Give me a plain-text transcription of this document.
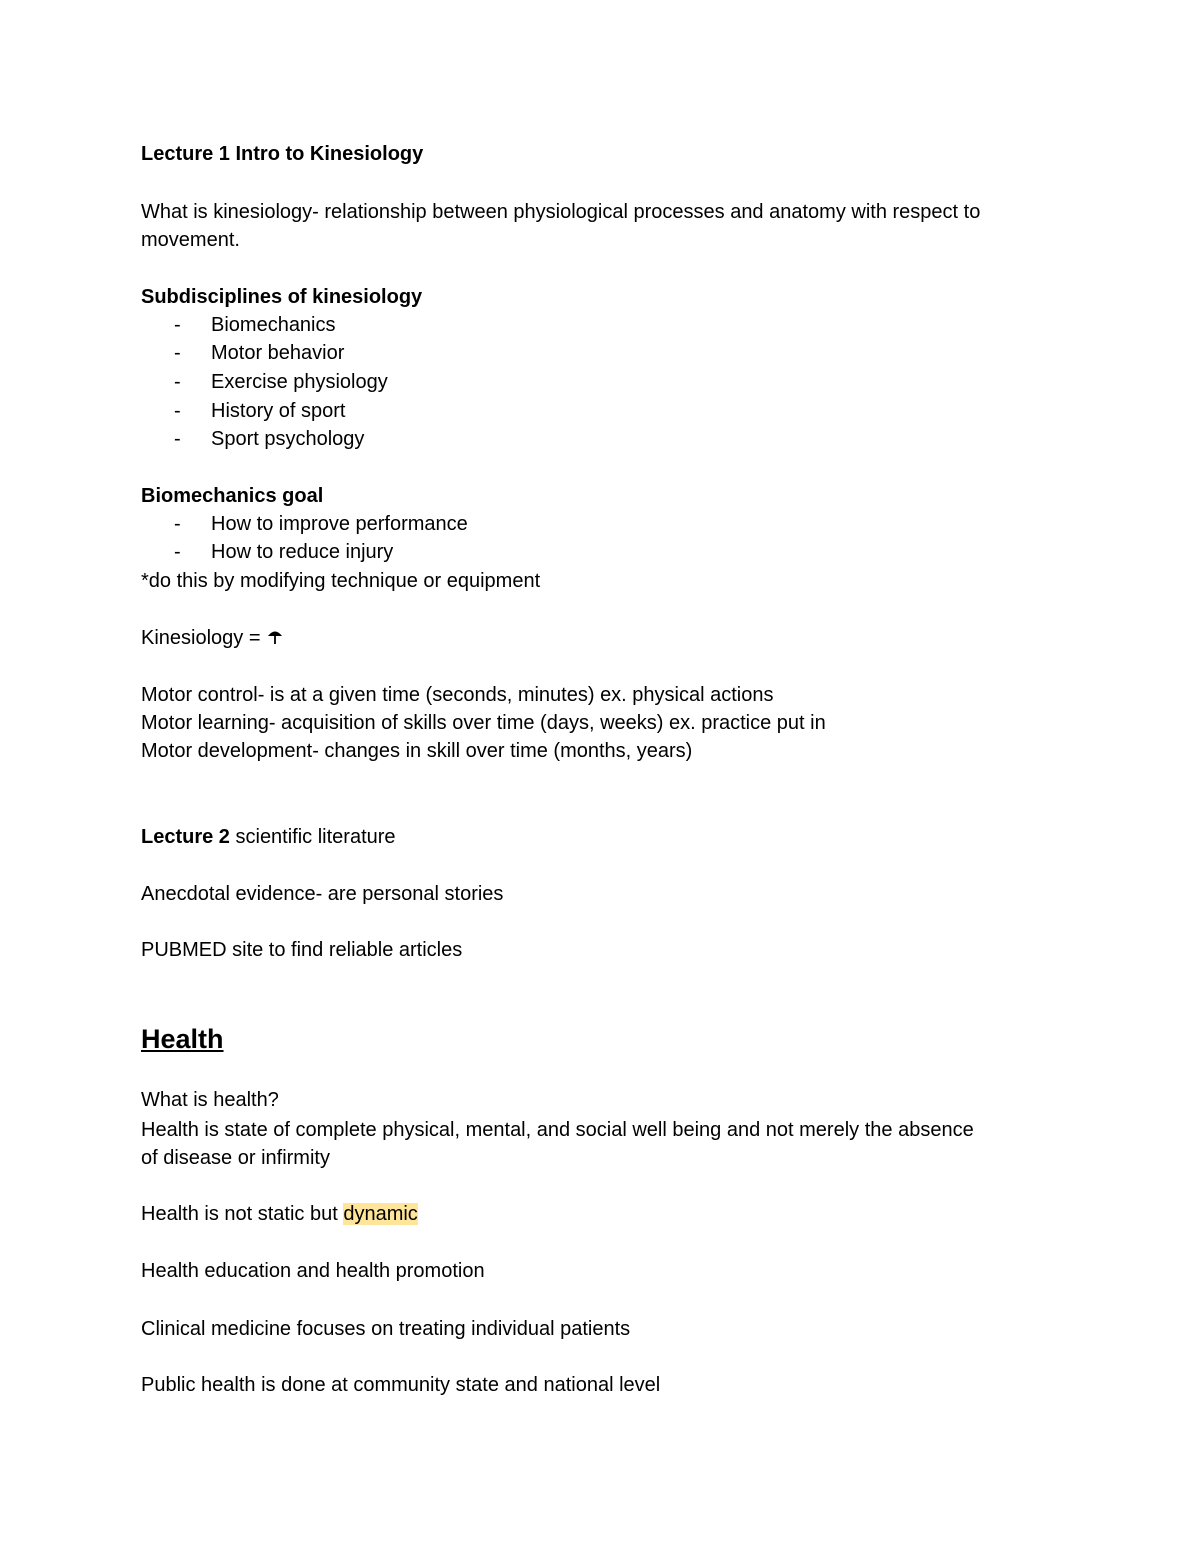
Lecture 1 Intro to Kinesiology
What is kinesiology- relationship between physiological processes and anatomy with respect to
movement.
Subdisciplines of kinesiology
- Biomechanics
- Motor behavior
- Exercise physiology
- History of sport
- Sport psychology
Biomechanics goal
- How to improve performance
- How to reduce injury
*do this by modifying technique or equipment
Kinesiology =
Motor control- is at a given time (seconds, minutes) ex. physical actions
Motor learning- acquisition of skills over time (days, weeks) ex. practice put in
Motor development- changes in skill over time (months, years)
Lecture 2 scientific literature
Anecdotal evidence- are personal stories
PUBMED site to find reliable articles
Health
What is health?
Health is state of complete physical, mental, and social well being and not merely the absence
of disease or infirmity
Health is not static but dynamic
Health education and health promotion
Clinical medicine focuses on treating individual patients
Public health is done at community state and national level
